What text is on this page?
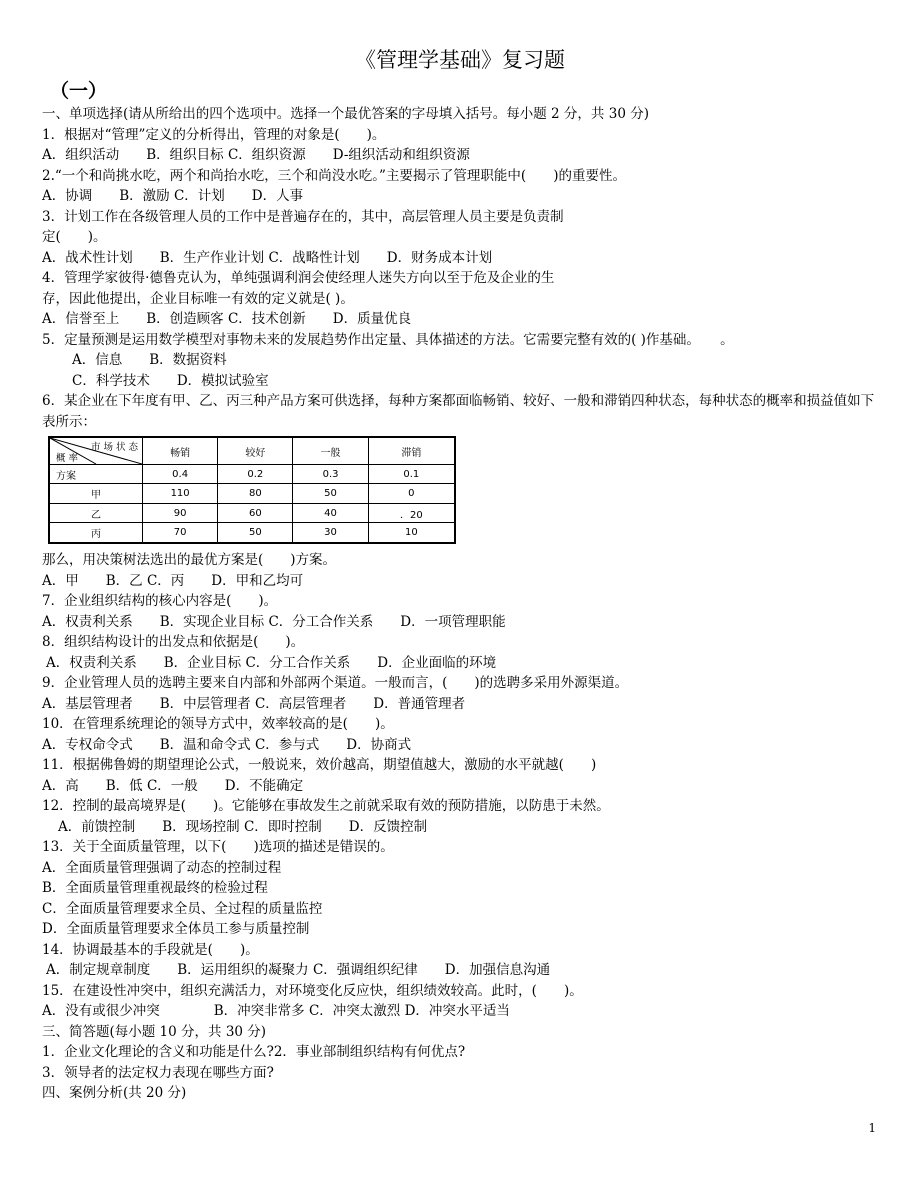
《管理学基础》复习题
（一）
一、单项选择(请从所给出的四个选项中。选择一个最优答案的字母填入括号。每小题 2 分，共 30 分)
1．根据对“管理”定义的分析得出，管理的对象是(　　)。
A．组织活动　　B．组织目标 C．组织资源　　D-组织活动和组织资源
2.“一个和尚挑水吃，两个和尚抬水吃，三个和尚没水吃。”主要揭示了管理职能中(　　)的重要性。
A．协调　　B．激励 C．计划　　D．人事
3．计划工作在各级管理人员的工作中是普遍存在的，其中，高层管理人员主要是负责制
定(　　)。
A．战术性计划　　B．生产作业计划 C．战略性计划　　D．财务成本计划
4．管理学家彼得·德鲁克认为，单纯强调利润会使经理人迷失方向以至于危及企业的生
存，因此他提出，企业目标唯一有效的定义就是( )。
A．信誉至上　　B．创造顾客 C．技术创新　　D．质量优良
5．定量预测是运用数学模型对事物未来的发展趋势作出定量、具体描述的方法。它需要完整有效的( )作基础。　　。
A．信息　　B．数据资料
C．科学技术　　D．模拟试验室
6．某企业在下年度有甲、乙、丙三种产品方案可供选择，每种方案都面临畅销、较好、一般和滞销四种状态，每种状态的概率和损益值如下表所示：
市 场 状 态
概 率	畅销	较好	一般	滞销
方案	0.4	0.2	0.3	0.1
甲	110	80	50	0
乙	90	60	40	．20
丙	70	50	30	10
那么，用决策树法选出的最优方案是(　　)方案。
A．甲　　B．乙 C．丙　　D．甲和乙均可
7．企业组织结构的核心内容是(　　)。
A．权责利关系　　B．实现企业目标 C．分工合作关系　　D．一项管理职能
8．组织结构设计的出发点和依据是(　　)。
A．权责利关系　　B．企业目标 C．分工合作关系　　D．企业面临的环境
9．企业管理人员的选聘主要来自内部和外部两个渠道。一般而言，(　　)的选聘多采用外源渠道。
A．基层管理者　　B．中层管理者 C．高层管理者　　D．普通管理者
10．在管理系统理论的领导方式中，效率较高的是(　　)。
A．专权命令式　　B．温和命令式 C．参与式　　D．协商式
11．根据佛鲁姆的期望理论公式，一般说来，效价越高，期望值越大，激励的水平就越(　　)
A．高　　B．低 C．一般　　D．不能确定
12．控制的最高境界是(　　)。它能够在事故发生之前就采取有效的预防措施，以防患于未然。
A．前馈控制　　B．现场控制 C．即时控制　　D．反馈控制
13．关于全面质量管理，以下(　　)选项的描述是错误的。
A．全面质量管理强调了动态的控制过程
B．全面质量管理重视最终的检验过程
C．全面质量管理要求全员、全过程的质量监控
D．全面质量管理要求全体员工参与质量控制
14．协调最基本的手段就是(　　)。
A．制定规章制度　　B．运用组织的凝聚力 C．强调组织纪律　　D．加强信息沟通
15．在建设性冲突中，组织充满活力，对环境变化反应快，组织绩效较高。此时，(　　)。
A．没有或很少冲突　　　　B．冲突非常多 C．冲突太激烈 D．冲突水平适当
三、简答题(每小题 10 分，共 30 分)
1．企业文化理论的含义和功能是什么?2．事业部制组织结构有何优点?
3．领导者的法定权力表现在哪些方面?
四、案例分析(共 20 分)
1
